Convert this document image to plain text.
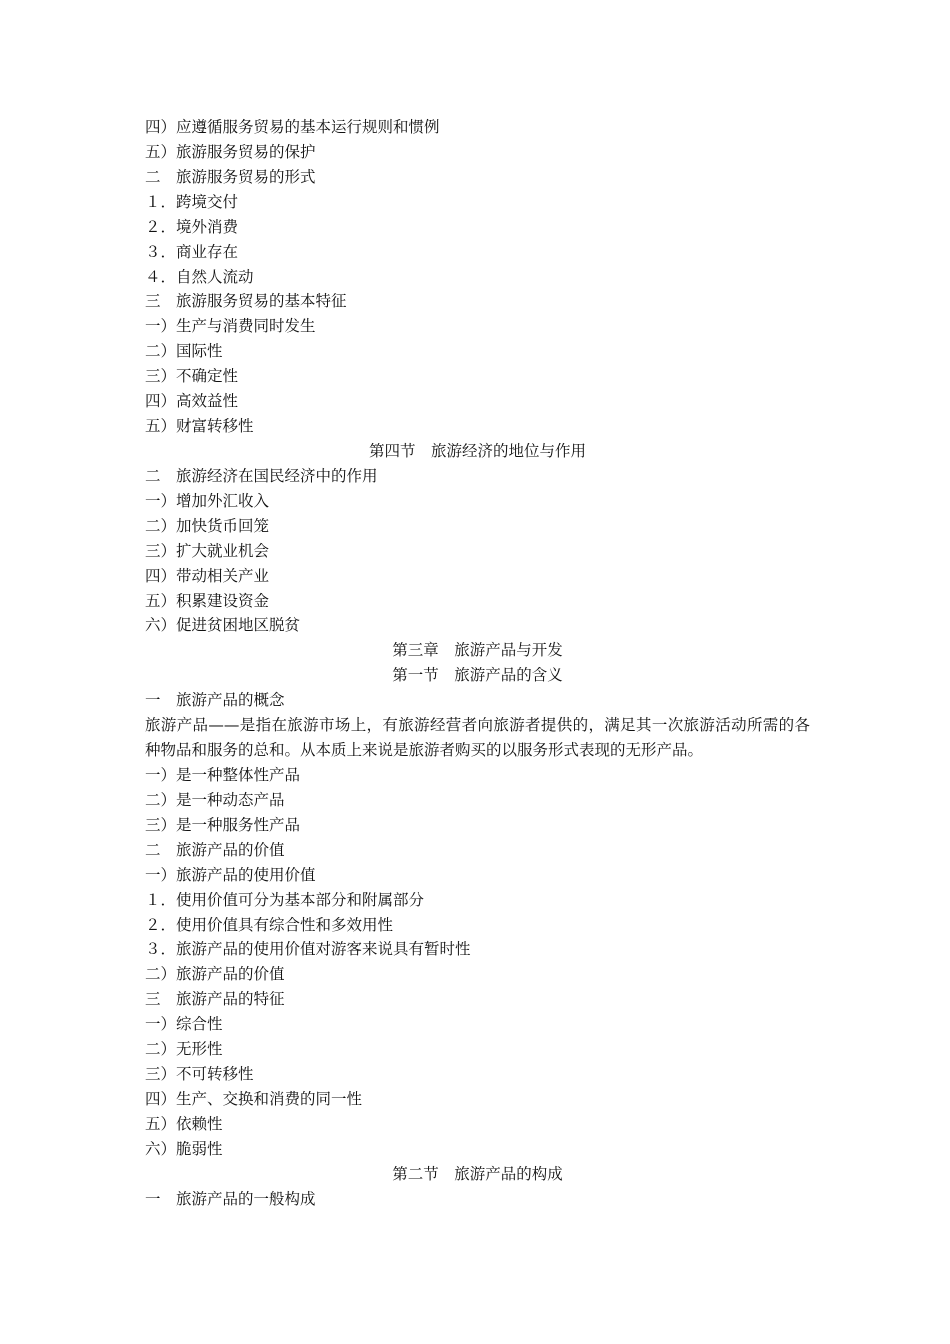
四）应遵循服务贸易的基本运行规则和惯例
五）旅游服务贸易的保护
二　旅游服务贸易的形式
１．跨境交付
２．境外消费
３．商业存在
４．自然人流动
三　旅游服务贸易的基本特征
一）生产与消费同时发生
二）国际性
三）不确定性
四）高效益性
五）财富转移性
第四节　旅游经济的地位与作用
二　旅游经济在国民经济中的作用
一）增加外汇收入
二）加快货币回笼
三）扩大就业机会
四）带动相关产业
五）积累建设资金
六）促进贫困地区脱贫
第三章　旅游产品与开发
第一节　旅游产品的含义
一　旅游产品的概念
旅游产品——是指在旅游市场上，有旅游经营者向旅游者提供的，满足其一次旅游活动所需的各种物品和服务的总和。从本质上来说是旅游者购买的以服务形式表现的无形产品。
一）是一种整体性产品
二）是一种动态产品
三）是一种服务性产品
二　旅游产品的价值
一）旅游产品的使用价值
１．使用价值可分为基本部分和附属部分
２．使用价值具有综合性和多效用性
３．旅游产品的使用价值对游客来说具有暂时性
二）旅游产品的价值
三　旅游产品的特征
一）综合性
二）无形性
三）不可转移性
四）生产、交换和消费的同一性
五）依赖性
六）脆弱性
第二节　旅游产品的构成
一　旅游产品的一般构成
